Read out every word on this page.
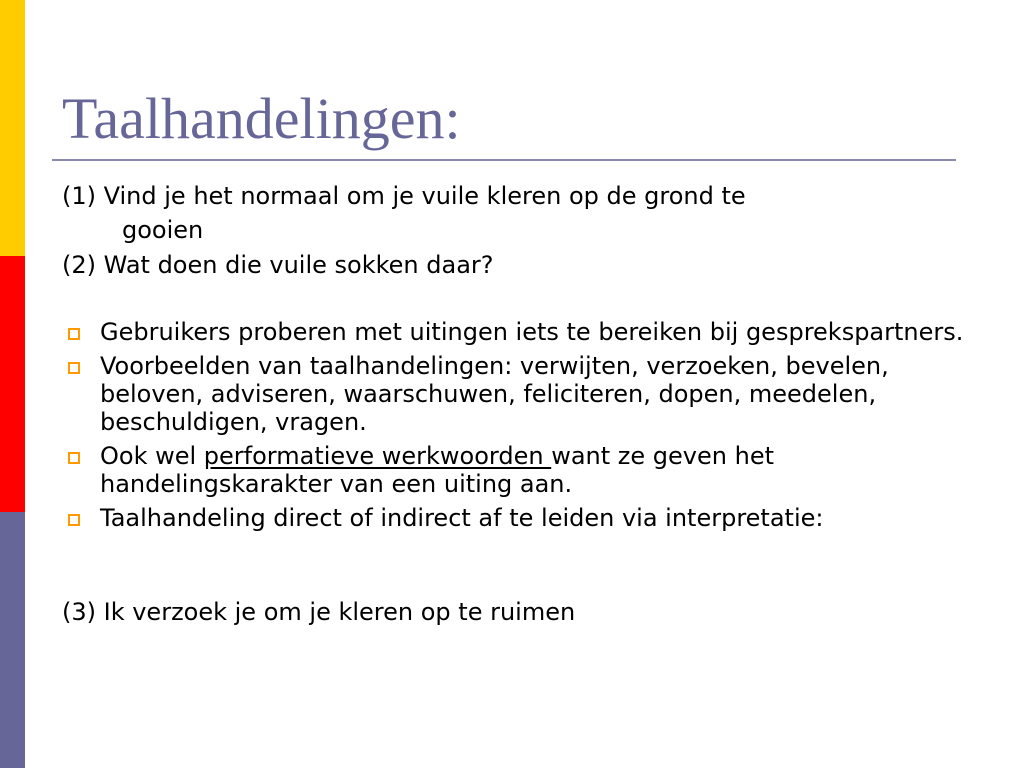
Taalhandelingen:
(1) Vind je het normaal om je vuile kleren op de grond te
gooien
(2) Wat doen die vuile sokken daar?
Gebruikers proberen met uitingen iets te bereiken bij gesprekspartners.
Voorbeelden van taalhandelingen: verwijten, verzoeken, bevelen, beloven, adviseren, waarschuwen, feliciteren, dopen, meedelen, beschuldigen, vragen.
Ook wel performatieve werkwoorden want ze geven het handelingskarakter van een uiting aan.
Taalhandeling direct of indirect af te leiden via interpretatie:
(3) Ik verzoek je om je kleren op te ruimen
